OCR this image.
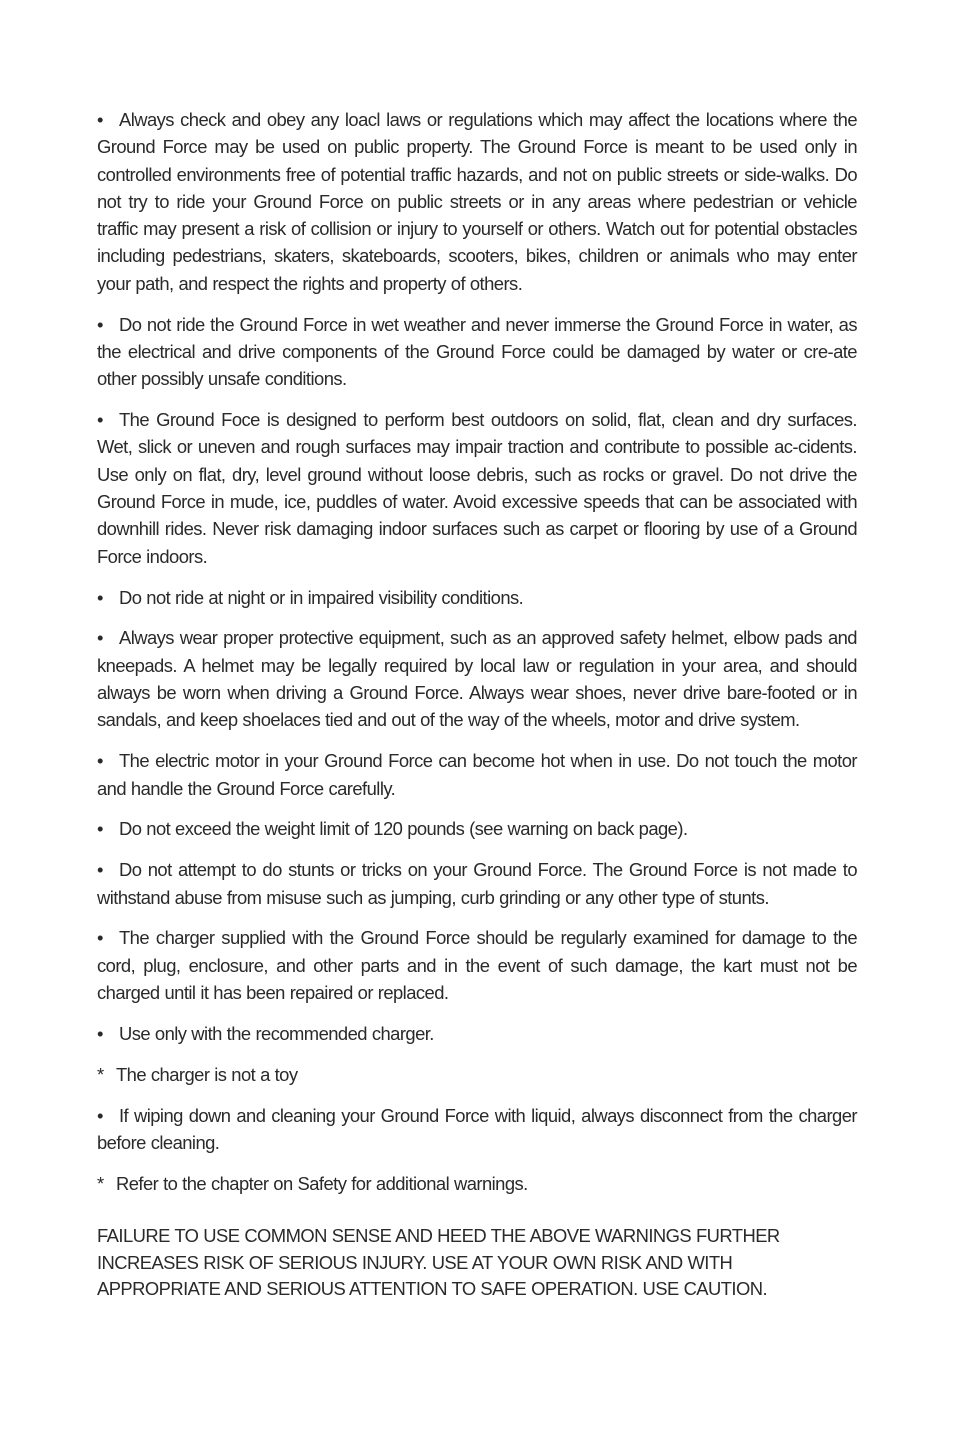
• Always check and obey any loacl laws or regulations which may affect the locations where the Ground Force may be used on public property. The Ground Force is meant to be used only in controlled environments free of potential traffic hazards, and not on public streets or side-walks. Do not try to ride your Ground Force on public streets or in any areas where pedestrian or vehicle traffic may present a risk of collision or injury to yourself or others. Watch out for potential obstacles including pedestrians, skaters, skateboards, scooters, bikes, children or animals who may enter your path, and respect the rights and property of others.

• Do not ride the Ground Force in wet weather and never immerse the Ground Force in water, as the electrical and drive components of the Ground Force could be damaged by water or cre-ate other possibly unsafe conditions.

• The Ground Foce is designed to perform best outdoors on solid, flat, clean and dry surfaces. Wet, slick or uneven and rough surfaces may impair traction and contribute to possible ac-cidents. Use only on flat, dry, level ground without loose debris, such as rocks or gravel. Do not drive the Ground Force in mude, ice, puddles of water. Avoid excessive speeds that can be associated with downhill rides. Never risk damaging indoor surfaces such as carpet or flooring by use of a Ground Force indoors.

• Do not ride at night or in impaired visibility conditions.

• Always wear proper protective equipment, such as an approved safety helmet, elbow pads and kneepads. A helmet may be legally required by local law or regulation in your area, and should always be worn when driving a Ground Force. Always wear shoes, never drive bare-footed or in sandals, and keep shoelaces tied and out of the way of the wheels, motor and drive system.

• The electric motor in your Ground Force can become hot when in use. Do not touch the motor and handle the Ground Force carefully.

• Do not exceed the weight limit of 120 pounds (see warning on back page).

• Do not attempt to do stunts or tricks on your Ground Force. The Ground Force is not made to withstand abuse from misuse such as jumping, curb grinding or any other type of stunts.

• The charger supplied with the Ground Force should be regularly examined for damage to the cord, plug, enclosure, and other parts and in the event of such damage, the kart must not be charged until it has been repaired or replaced.

• Use only with the recommended charger.

* The charger is not a toy

• If wiping down and cleaning your Ground Force with liquid, always disconnect from the charger before cleaning.

* Refer to the chapter on Safety for additional warnings.

FAILURE TO USE COMMON SENSE AND HEED THE ABOVE WARNINGS FURTHER INCREASES RISK OF SERIOUS INJURY. USE AT YOUR OWN RISK AND WITH APPROPRIATE AND SERIOUS ATTENTION TO SAFE OPERATION. USE CAUTION.
